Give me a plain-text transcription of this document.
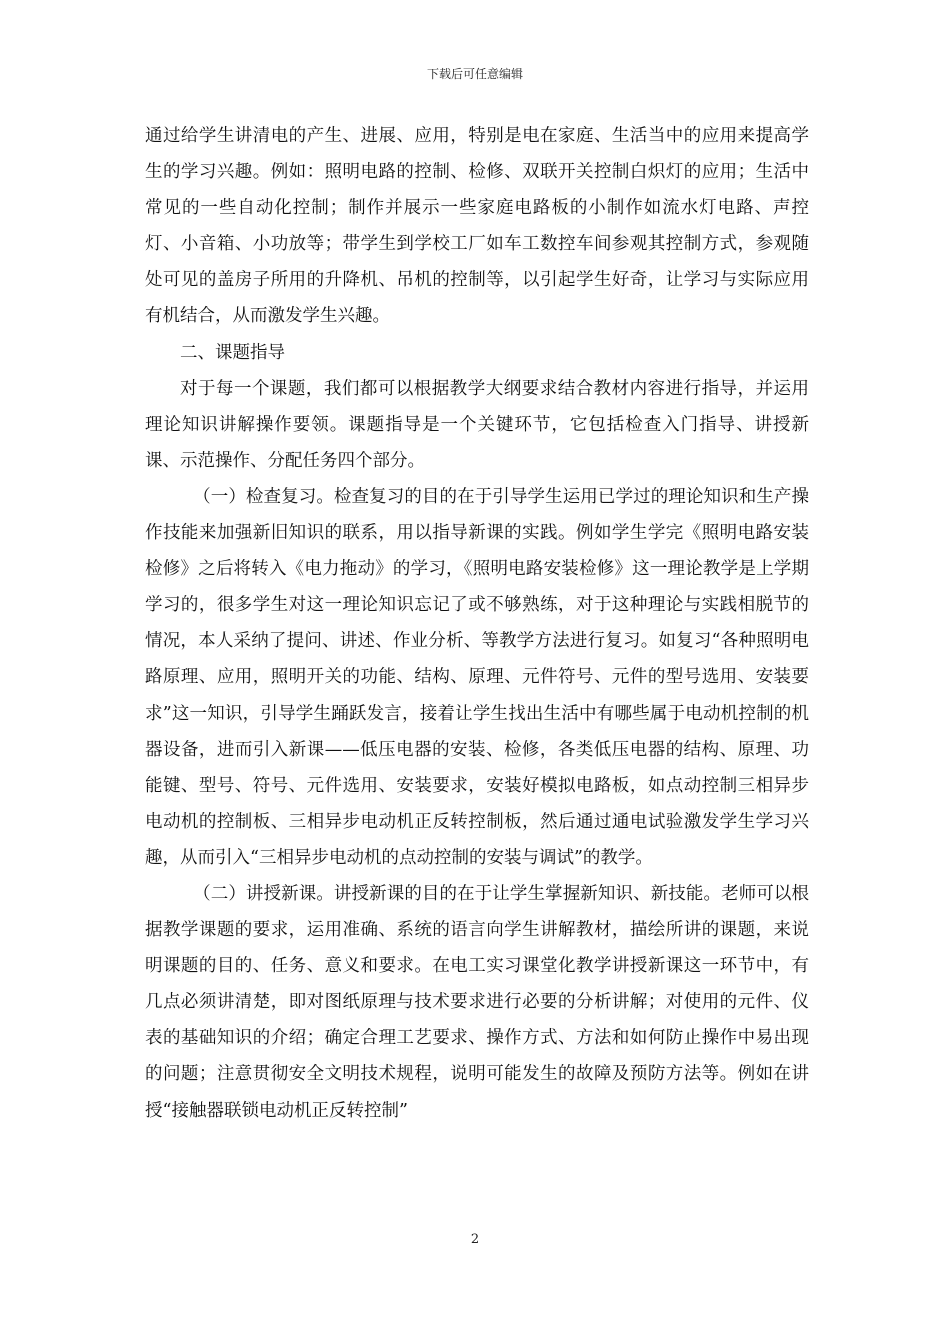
下载后可任意编辑

通过给学生讲清电的产生、进展、应用，特别是电在家庭、生活当中的应用来提高学生的学习兴趣。例如：照明电路的控制、检修、双联开关控制白炽灯的应用；生活中常见的一些自动化控制；制作并展示一些家庭电路板的小制作如流水灯电路、声控灯、小音箱、小功放等；带学生到学校工厂如车工数控车间参观其控制方式，参观随处可见的盖房子所用的升降机、吊机的控制等，以引起学生好奇，让学习与实际应用有机结合，从而激发学生兴趣。

二、课题指导

对于每一个课题，我们都可以根据教学大纲要求结合教材内容进行指导，并运用理论知识讲解操作要领。课题指导是一个关键环节，它包括检查入门指导、讲授新课、示范操作、分配任务四个部分。

（一）检查复习。检查复习的目的在于引导学生运用已学过的理论知识和生产操作技能来加强新旧知识的联系，用以指导新课的实践。例如学生学完《照明电路安装检修》之后将转入《电力拖动》的学习，《照明电路安装检修》这一理论教学是上学期学习的，很多学生对这一理论知识忘记了或不够熟练，对于这种理论与实践相脱节的情况，本人采纳了提问、讲述、作业分析、等教学方法进行复习。如复习“各种照明电路原理、应用，照明开关的功能、结构、原理、元件符号、元件的型号选用、安装要求”这一知识，引导学生踊跃发言，接着让学生找出生活中有哪些属于电动机控制的机器设备，进而引入新课——低压电器的安装、检修，各类低压电器的结构、原理、功能键、型号、符号、元件选用、安装要求，安装好模拟电路板，如点动控制三相异步电动机的控制板、三相异步电动机正反转控制板，然后通过通电试验激发学生学习兴趣，从而引入“三相异步电动机的点动控制的安装与调试”的教学。

（二）讲授新课。讲授新课的目的在于让学生掌握新知识、新技能。老师可以根据教学课题的要求，运用准确、系统的语言向学生讲解教材，描绘所讲的课题，来说明课题的目的、任务、意义和要求。在电工实习课堂化教学讲授新课这一环节中，有几点必须讲清楚，即对图纸原理与技术要求进行必要的分析讲解；对使用的元件、仪表的基础知识的介绍；确定合理工艺要求、操作方式、方法和如何防止操作中易出现的问题；注意贯彻安全文明技术规程，说明可能发生的故障及预防方法等。例如在讲授“接触器联锁电动机正反转控制”

2
